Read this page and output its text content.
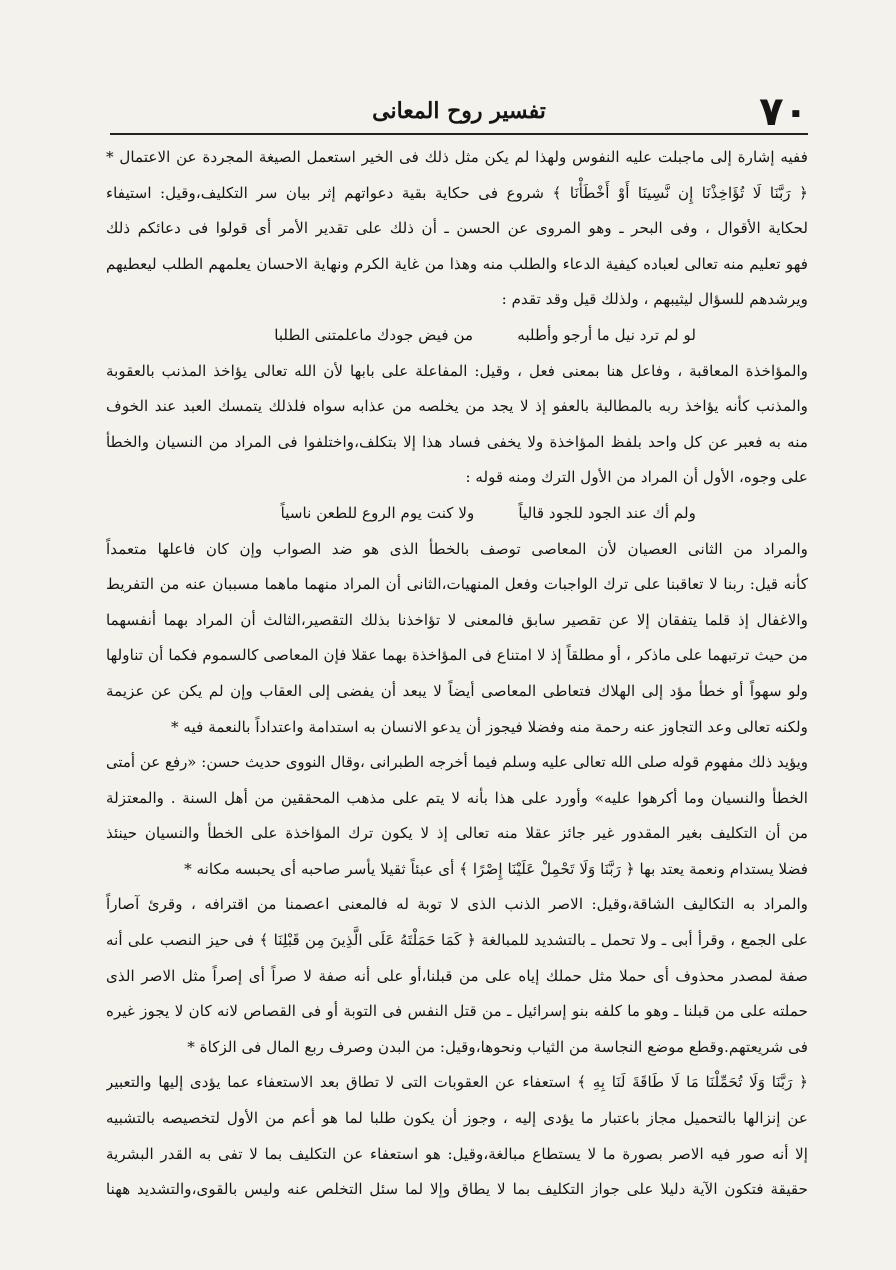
٧٠
تفسير روح المعانى
ففيه إشارة إلى ماجبلت عليه النفوس ولهذا لم يكن مثل ذلك فى الخير استعمل الصيغة المجردة عن الاعتمال *
﴿ رَبَّنَا لَا تُؤَاخِذْنَا إِن نَّسِينَا أَوْ أَخْطَأْنَا ﴾ شروع فى حكاية بقية دعواتهم إثر بيان سر التكليف،وقيل: استيفاء
لحكاية الأقوال ، وفى البحر ـ وهو المروى عن الحسن ـ أن ذلك على تقدير الأمر أى قولوا فى دعائكم ذلك
فهو تعليم منه تعالى لعباده كيفية الدعاء والطلب منه وهذا من غاية الكرم ونهاية الاحسان يعلمهم الطلب ليعطيهم
ويرشدهم للسؤال ليثيبهم ، ولذلك قيل وقد تقدم :
لو لم ترد نيل ما أرجو وأطلبهمن فيض جودك ماعلمتنى الطلبا
والمؤاخذة المعاقبة ، وفاعل هنا بمعنى فعل ، وقيل: المفاعلة على بابها لأن الله تعالى يؤاخذ المذنب بالعقوبة
والمذنب كأنه يؤاخذ ربه بالمطالبة بالعفو إذ لا يجد من يخلصه من عذابه سواه فلذلك يتمسك العبد عند الخوف
منه به فعبر عن كل واحد بلفظ المؤاخذة ولا يخفى فساد هذا إلا بتكلف،واختلفوا فى المراد من النسيان والخطأ
على وجوه، الأول أن المراد من الأول الترك ومنه قوله :
ولم أك عند الجود للجود قالياًولا كنت يوم الروع للطعن ناسياً
والمراد من الثانى العصيان لأن المعاصى توصف بالخطأ الذى هو ضد الصواب وإن كان فاعلها متعمداً
كأنه قيل: ربنا لا تعاقبنا على ترك الواجبات وفعل المنهيات،الثانى أن المراد منهما ماهما مسببان عنه من التفريط
والاغفال إذ قلما يتفقان إلا عن تقصير سابق فالمعنى لا تؤاخذنا بذلك التقصير،الثالث أن المراد بهما أنفسهما
من حيث ترتبهما على ماذكر ، أو مطلقاً إذ لا امتناع فى المؤاخذة بهما عقلا فإن المعاصى كالسموم فكما أن تناولها
ولو سهواً أو خطأ مؤد إلى الهلاك فتعاطى المعاصى أيضاً لا يبعد أن يفضى إلى العقاب وإن لم يكن عن عزيمة
ولكنه تعالى وعد التجاوز عنه رحمة منه وفضلا فيجوز أن يدعو الانسان به استدامة واعتداداً بالنعمة فيه *
ويؤيد ذلك مفهوم قوله صلى الله تعالى عليه وسلم فيما أخرجه الطبرانى ،وقال النووى حديث حسن: «رفع عن أمتى
الخطأ والنسيان وما أكرهوا عليه» وأورد على هذا بأنه لا يتم على مذهب المحققين من أهل السنة . والمعتزلة
من أن التكليف بغير المقدور غير جائز عقلا منه تعالى إذ لا يكون ترك المؤاخذة على الخطأ والنسيان حينئذ
فضلا يستدام ونعمة يعتد بها ﴿ رَبَّنَا وَلَا تَحْمِلْ عَلَيْنَا إِصْرًا ﴾ أى عبئاً ثقيلا يأسر صاحبه أى يحبسه مكانه *
والمراد به التكاليف الشاقة،وقيل: الاصر الذنب الذى لا توبة له فالمعنى اعصمنا من اقترافه ، وقرئ آصاراً
على الجمع ، وقرأ أبى ـ ولا تحمل ـ بالتشديد للمبالغة ﴿ كَمَا حَمَلْتَهُ عَلَى الَّذِينَ مِن قَبْلِنَا ﴾ فى حيز النصب على أنه
صفة لمصدر محذوف أى حملا مثل حملك إياه على من قبلنا،أو على أنه صفة لا صراً أى إصراً مثل الاصر الذى
حملته على من قبلنا ـ وهو ما كلفه بنو إسرائيل ـ من قتل النفس فى التوبة أو فى القصاص لانه كان لا يجوز غيره
فى شريعتهم.وقطع موضع النجاسة من الثياب ونحوها،وقيل: من البدن وصرف ربع المال فى الزكاة *
﴿ رَبَّنَا وَلَا تُحَمِّلْنَا مَا لَا طَاقَةَ لَنَا بِهِ ﴾ استعفاء عن العقوبات التى لا تطاق بعد الاستعفاء عما يؤدى إليها والتعبير
عن إنزالها بالتحميل مجاز باعتبار ما يؤدى إليه ، وجوز أن يكون طلبا لما هو أعم من الأول لتخصيصه بالتشبيه
إلا أنه صور فيه الاصر بصورة ما لا يستطاع مبالغة،وقيل: هو استعفاء عن التكليف بما لا تفى به القدر البشرية
حقيقة فتكون الآية دليلا على جواز التكليف بما لا يطاق وإلا لما سئل التخلص عنه وليس بالقوى،والتشديد ههنا
